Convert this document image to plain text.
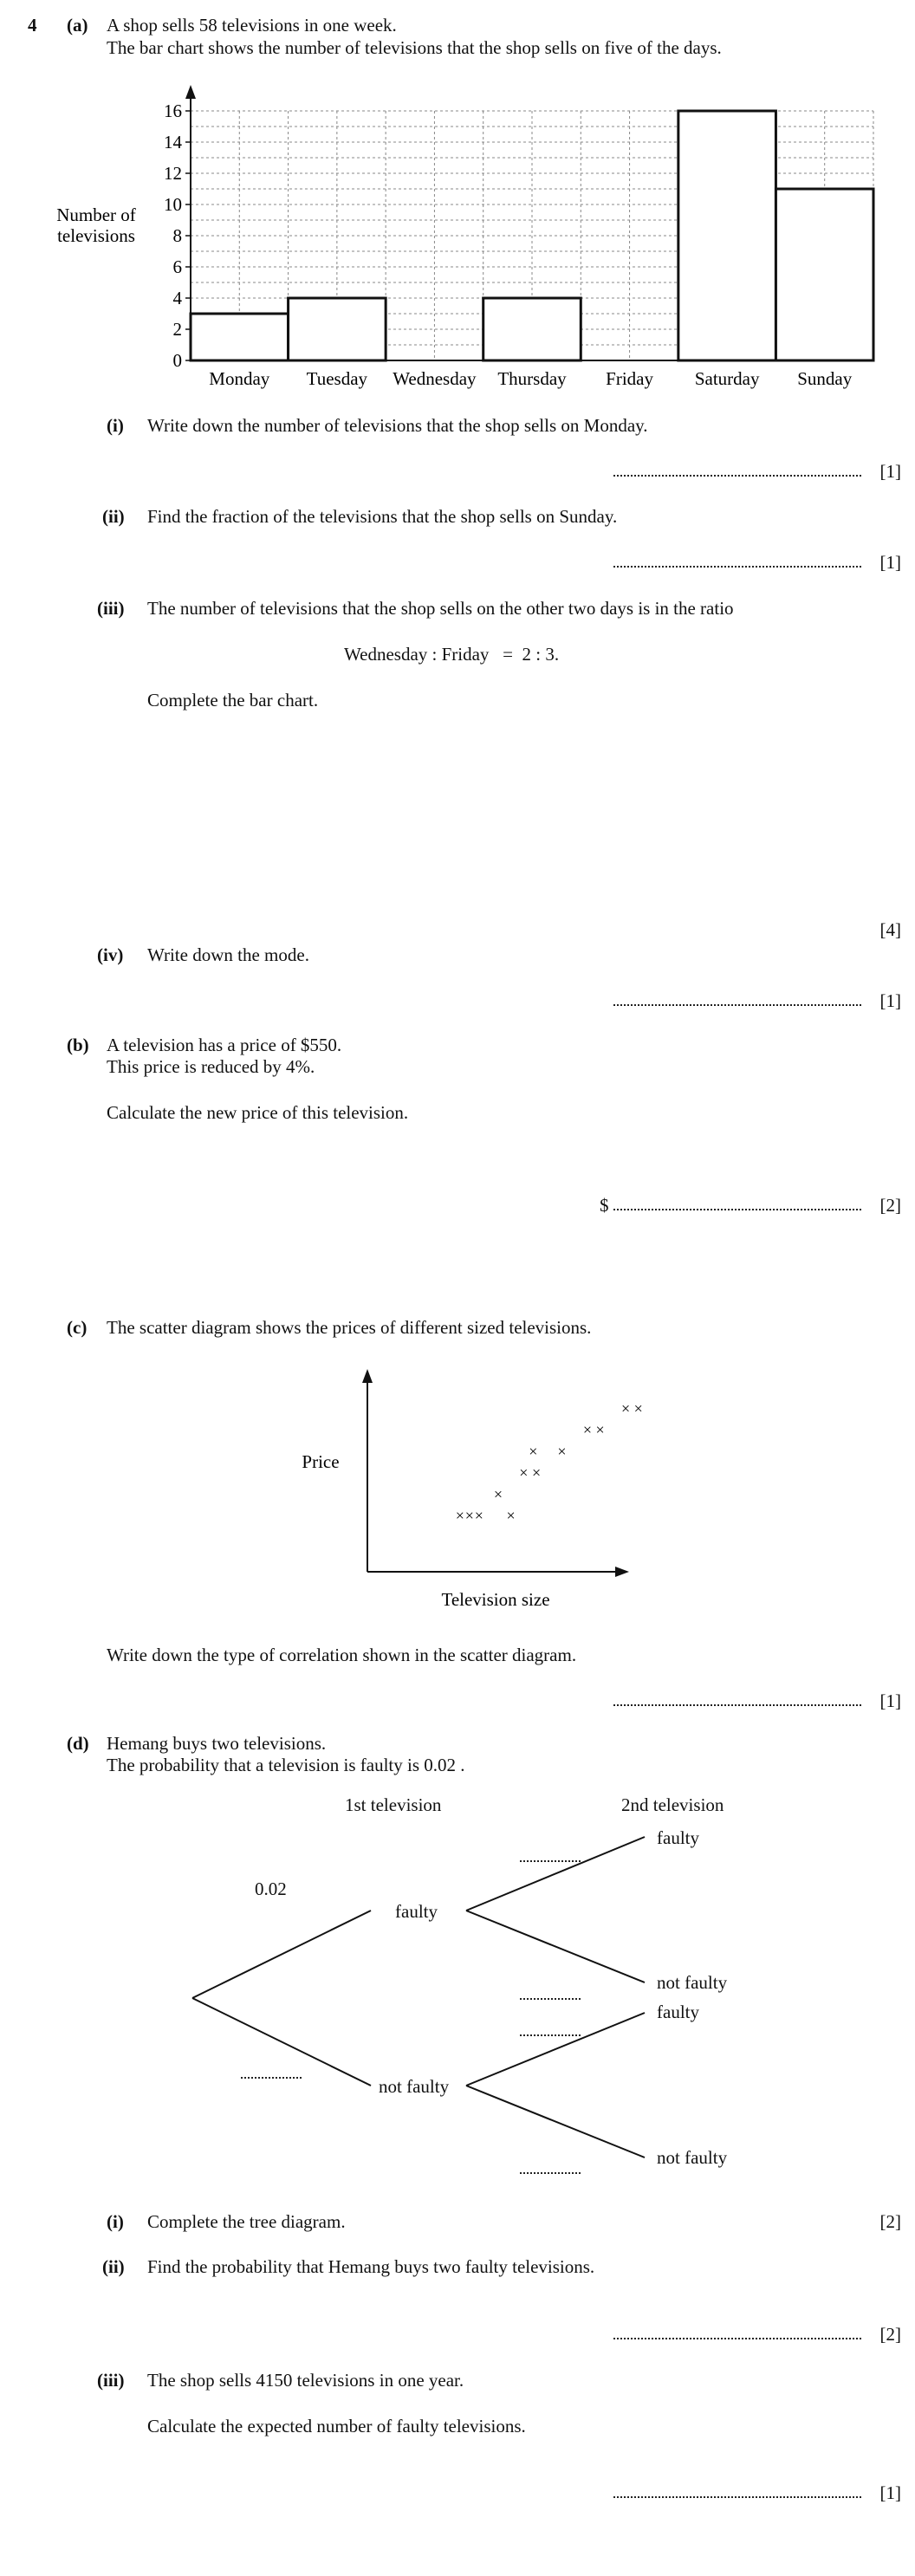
4 (a) A shop sells 58 televisions in one week.
The bar chart shows the number of televisions that the shop sells on five of the days.
0
2
4
6
8
10
12
14
16
Monday Tuesday Wednesday Thursday Friday Saturday Sunday
Number of televisions
(i) Write down the number of televisions that the shop sells on Monday.
[1]
(ii) Find the fraction of the televisions that the shop sells on Sunday.
[1]
(iii) The number of televisions that the shop sells on the other two days is in the ratio
Wednesday : Friday   =  2 : 3.
Complete the bar chart.
[4]
(iv) Write down the mode.
[1]
(b) A television has a price of $550.
This price is reduced by 4%.
Calculate the new price of this television.
$	[2]
(c) The scatter diagram shows the prices of different sized televisions.
× × × ×
×
× ×
× ×
× ×
× ×
Price
Television size
Write down the type of correlation shown in the scatter diagram.
[1]
(d) Hemang buys two televisions.
The probability that a television is faulty is 0.02 .
1st television	2nd television
0.02
faulty
not faulty
faulty
not faulty
faulty
not faulty
(i) Complete the tree diagram.	[2]
(ii) Find the probability that Hemang buys two faulty televisions.
[2]
(iii) The shop sells 4150 televisions in one year.
Calculate the expected number of faulty televisions.
[1]
